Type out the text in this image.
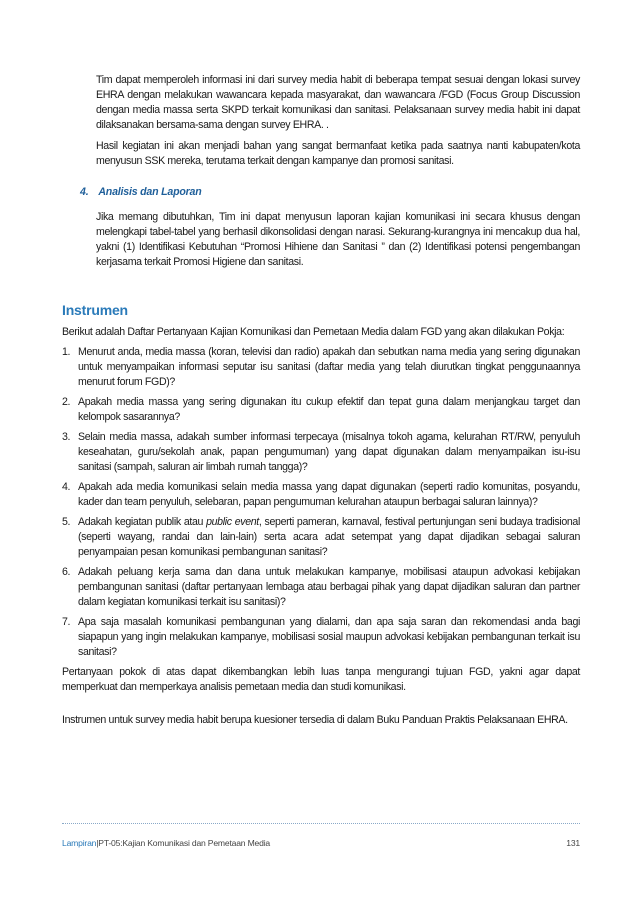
Tim dapat memperoleh informasi ini dari survey media habit di beberapa tempat sesuai dengan lokasi survey EHRA dengan melakukan wawancara kepada masyarakat, dan wawancara /FGD (Focus Group Discussion dengan media massa serta SKPD terkait komunikasi dan sanitasi. Pelaksanaan survey media habit ini dapat dilaksanakan bersama-sama dengan survey EHRA. .

Hasil kegiatan ini akan menjadi bahan yang sangat bermanfaat ketika pada saatnya nanti kabupaten/kota menyusun SSK mereka, terutama terkait dengan kampanye dan promosi sanitasi.

4. Analisis dan Laporan

Jika memang dibutuhkan, Tim ini dapat menyusun laporan kajian komunikasi ini secara khusus dengan melengkapi tabel-tabel yang berhasil dikonsolidasi dengan narasi. Sekurang-kurangnya ini mencakup dua hal, yakni (1) Identifikasi Kebutuhan “Promosi Hihiene dan Sanitasi ” dan (2) Identifikasi potensi pengembangan kerjasama terkait Promosi Higiene dan sanitasi.

Instrumen

Berikut adalah Daftar Pertanyaan Kajian Komunikasi dan Pemetaan Media dalam FGD yang akan dilakukan Pokja:

1. Menurut anda, media massa (koran, televisi dan radio) apakah dan sebutkan nama media yang sering digunakan untuk menyampaikan informasi seputar isu sanitasi (daftar media yang telah diurutkan tingkat penggunaannya menurut forum FGD)?
2. Apakah media massa yang sering digunakan itu cukup efektif dan tepat guna dalam menjangkau target dan kelompok sasarannya?
3. Selain media massa, adakah sumber informasi terpecaya (misalnya tokoh agama, kelurahan RT/RW, penyuluh keseahatan, guru/sekolah anak, papan pengumuman) yang dapat digunakan dalam menyampaikan isu-isu sanitasi (sampah, saluran air limbah rumah tangga)?
4. Apakah ada media komunikasi selain media massa yang dapat digunakan (seperti radio komunitas, posyandu, kader dan team penyuluh, selebaran, papan pengumuman kelurahan ataupun berbagai saluran lainnya)?
5. Adakah kegiatan publik atau public event, seperti pameran, karnaval, festival pertunjungan seni budaya tradisional (seperti wayang, randai dan lain-lain) serta acara adat setempat yang dapat dijadikan sebagai saluran penyampaian pesan komunikasi pembangunan sanitasi?
6. Adakah peluang kerja sama dan dana untuk melakukan kampanye, mobilisasi ataupun advokasi kebijakan pembangunan sanitasi (daftar pertanyaan lembaga atau berbagai pihak yang dapat dijadikan saluran dan partner dalam kegiatan komunikasi terkait isu sanitasi)?
7. Apa saja masalah komunikasi pembangunan yang dialami, dan apa saja saran dan rekomendasi anda bagi siapapun yang ingin melakukan kampanye, mobilisasi sosial maupun advokasi kebijakan pembangunan terkait isu sanitasi?

Pertanyaan pokok di atas dapat dikembangkan lebih luas tanpa mengurangi tujuan FGD, yakni agar dapat memperkuat dan memperkaya analisis pemetaan media dan studi komunikasi.

Instrumen untuk survey media habit berupa kuesioner tersedia di dalam Buku Panduan Praktis Pelaksanaan EHRA.

Lampiran|PT-05:Kajian Komunikasi dan Pemetaan Media	131
